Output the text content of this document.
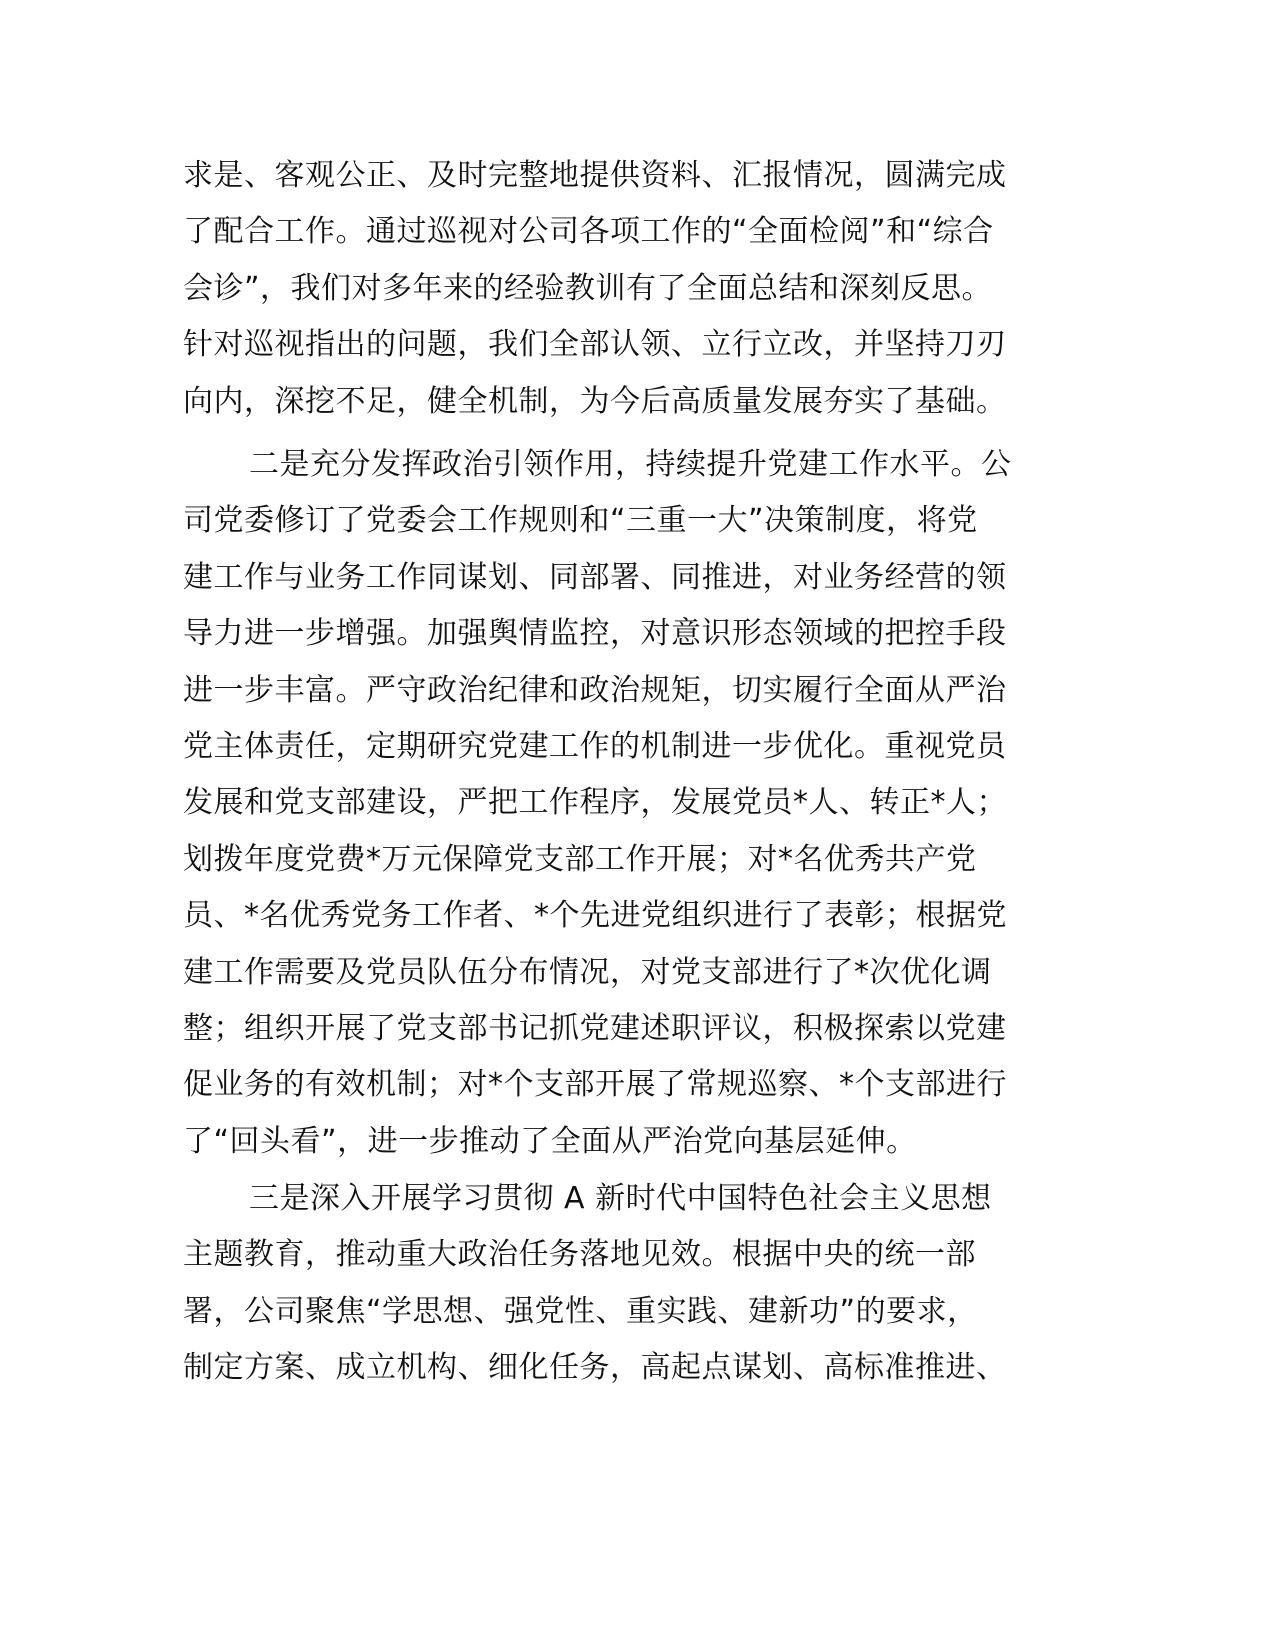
求是、客观公正、及时完整地提供资料、汇报情况，圆满完成
了配合工作。通过巡视对公司各项工作的“全面检阅”和“综合
会诊”，我们对多年来的经验教训有了全面总结和深刻反思。
针对巡视指出的问题，我们全部认领、立行立改，并坚持刀刃
向内，深挖不足，健全机制，为今后高质量发展夯实了基础。
二是充分发挥政治引领作用，持续提升党建工作水平。公
司党委修订了党委会工作规则和“三重一大”决策制度，将党
建工作与业务工作同谋划、同部署、同推进，对业务经营的领
导力进一步增强。加强舆情监控，对意识形态领域的把控手段
进一步丰富。严守政治纪律和政治规矩，切实履行全面从严治
党主体责任，定期研究党建工作的机制进一步优化。重视党员
发展和党支部建设，严把工作程序，发展党员*人、转正*人；
划拨年度党费*万元保障党支部工作开展；对*名优秀共产党
员、*名优秀党务工作者、*个先进党组织进行了表彰；根据党
建工作需要及党员队伍分布情况，对党支部进行了*次优化调
整；组织开展了党支部书记抓党建述职评议，积极探索以党建
促业务的有效机制；对*个支部开展了常规巡察、*个支部进行
了“回头看”，进一步推动了全面从严治党向基层延伸。
三是深入开展学习贯彻 A 新时代中国特色社会主义思想
主题教育，推动重大政治任务落地见效。根据中央的统一部
署，公司聚焦“学思想、强党性、重实践、建新功”的要求，
制定方案、成立机构、细化任务，高起点谋划、高标准推进、
